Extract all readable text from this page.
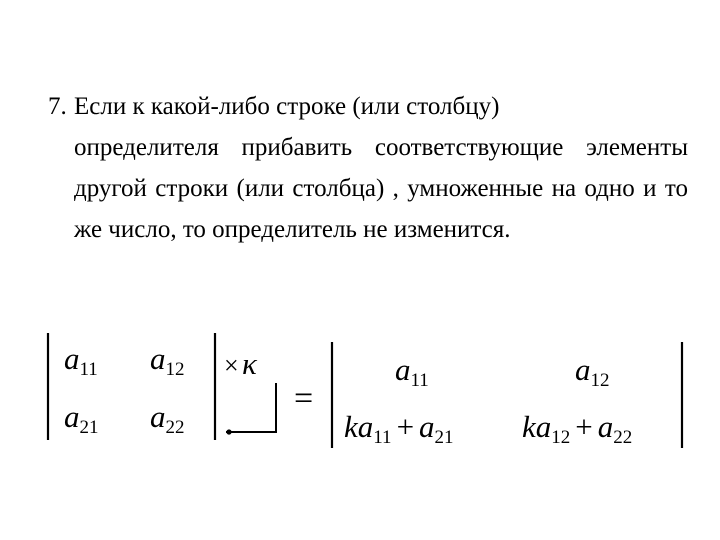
7. Если к какой-либо строке (или столбцу)
определителя прибавить соответствующие элементы другой строки (или столбца) , умноженные на одно и то же число, то определитель не изменится.
a11 a12
a21 a22
× κ
=
a11	a12
ka11 + a21 ka12 + a22
